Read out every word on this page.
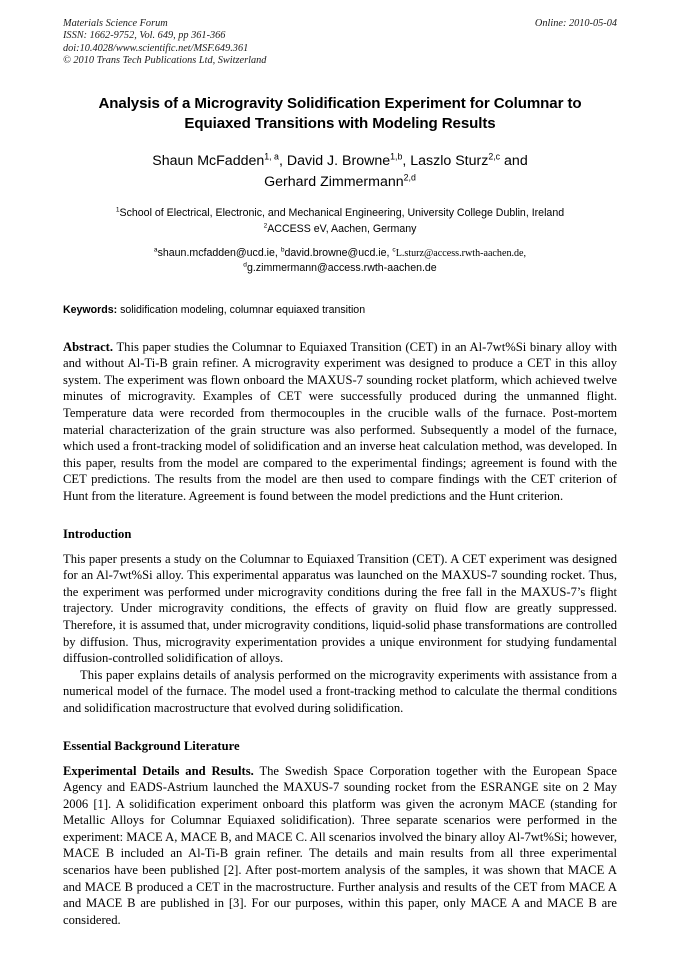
Online: 2010-05-04
Materials Science Forum
ISSN: 1662-9752, Vol. 649, pp 361-366
doi:10.4028/www.scientific.net/MSF.649.361
© 2010 Trans Tech Publications Ltd, Switzerland
Analysis of a Microgravity Solidification Experiment for Columnar to Equiaxed Transitions with Modeling Results
Shaun McFadden$^{1, a}$, David J. Browne$^{1,b}$, Laszlo Sturz$^{2,c}$ and
Gerhard Zimmermann$^{2,d}$
$^1$School of Electrical, Electronic, and Mechanical Engineering, University College Dublin, Ireland
$^2$ACCESS eV, Aachen, Germany
$^a$shaun.mcfadden@ucd.ie, $^b$david.browne@ucd.ie, $^c$L.sturz@access.rwth-aachen.de,
$^d$g.zimmermann@access.rwth-aachen.de
Keywords: solidification modeling, columnar equiaxed transition

Abstract. This paper studies the Columnar to Equiaxed Transition (CET) in an Al-7wt%Si binary alloy with and without Al-Ti-B grain refiner. A microgravity experiment was designed to produce a CET in this alloy system. The experiment was flown onboard the MAXUS-7 sounding rocket platform, which achieved twelve minutes of microgravity. Examples of CET were successfully produced during the unmanned flight. Temperature data were recorded from thermocouples in the crucible walls of the furnace. Post-mortem material characterization of the grain structure was also performed. Subsequently a model of the furnace, which used a front-tracking model of solidification and an inverse heat calculation method, was developed. In this paper, results from the model are compared to the experimental findings; agreement is found with the CET predictions. The results from the model are then used to compare findings with the CET criterion of Hunt from the literature. Agreement is found between the model predictions and the Hunt criterion.

Introduction

This paper presents a study on the Columnar to Equiaxed Transition (CET). A CET experiment was designed for an Al-7wt%Si alloy. This experimental apparatus was launched on the MAXUS-7 sounding rocket. Thus, the experiment was performed under microgravity conditions during the free fall in the MAXUS-7’s flight trajectory. Under microgravity conditions, the effects of gravity on fluid flow are greatly suppressed. Therefore, it is assumed that, under microgravity conditions, liquid-solid phase transformations are controlled by diffusion. Thus, microgravity experimentation provides a unique environment for studying fundamental diffusion-controlled solidification of alloys.

This paper explains details of analysis performed on the microgravity experiments with assistance from a numerical model of the furnace. The model used a front-tracking method to calculate the thermal conditions and solidification macrostructure that evolved during solidification.

Essential Background Literature

Experimental Details and Results. The Swedish Space Corporation together with the European Space Agency and EADS-Astrium launched the MAXUS-7 sounding rocket from the ESRANGE site on 2 May 2006 [1]. A solidification experiment onboard this platform was given the acronym MACE (standing for Metallic Alloys for Columnar Equiaxed solidification). Three separate scenarios were performed in the experiment: MACE A, MACE B, and MACE C. All scenarios involved the binary alloy Al-7wt%Si; however, MACE B included an Al-Ti-B grain refiner. The details and main results from all three experimental scenarios have been published [2]. After post-mortem analysis of the samples, it was shown that MACE A and MACE B produced a CET in the macrostructure. Further analysis and results of the CET from MACE A and MACE B are published in [3]. For our purposes, within this paper, only MACE A and MACE B are considered.
